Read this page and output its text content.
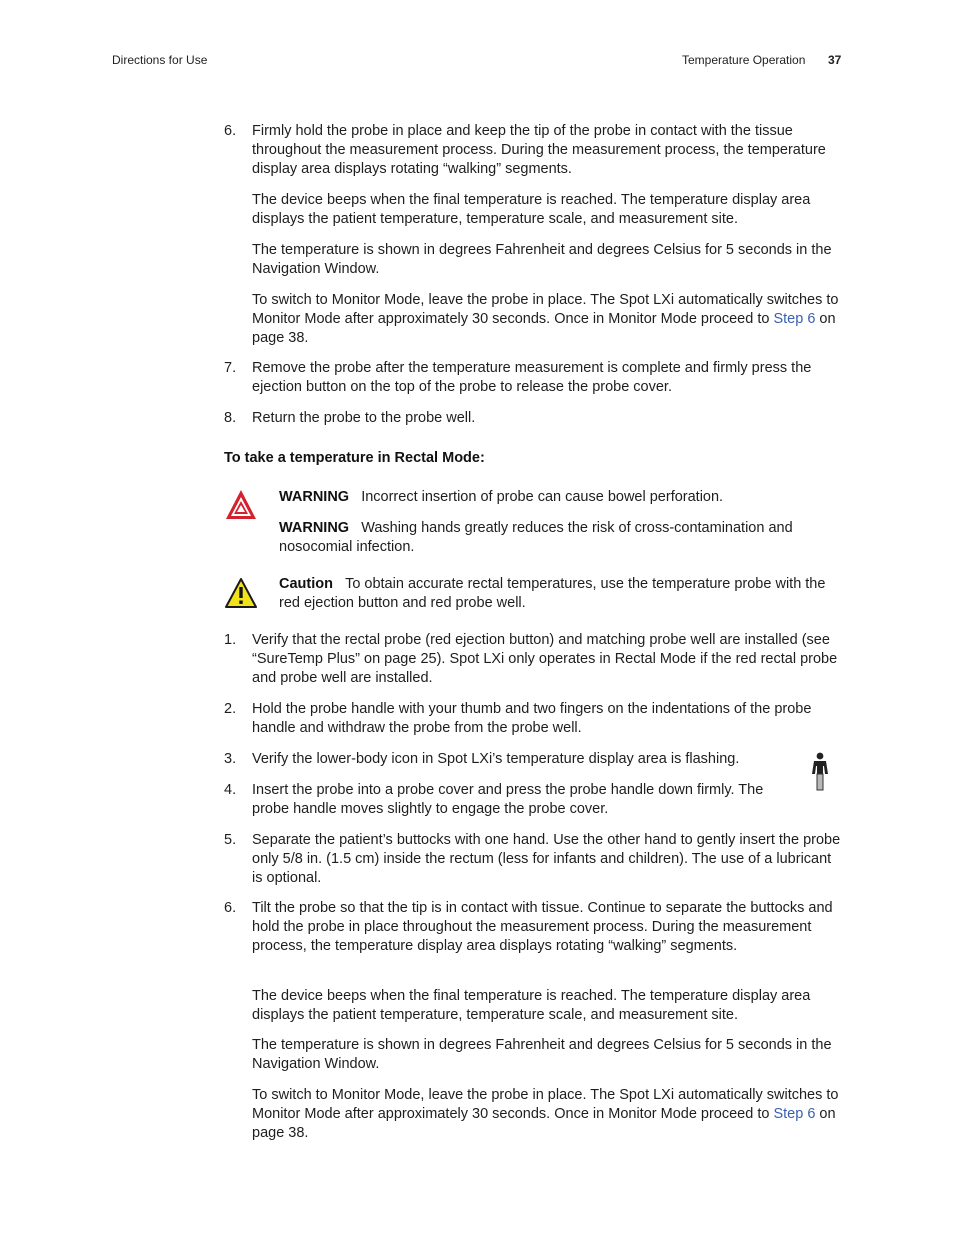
Directions for Use	Temperature Operation 37
6. Firmly hold the probe in place and keep the tip of the probe in contact with the tissue throughout the measurement process. During the measurement process, the temperature display area displays rotating “walking” segments.
The device beeps when the final temperature is reached. The temperature display area displays the patient temperature, temperature scale, and measurement site.
The temperature is shown in degrees Fahrenheit and degrees Celsius for 5 seconds in the Navigation Window.
To switch to Monitor Mode, leave the probe in place. The Spot LXi automatically switches to Monitor Mode after approximately 30 seconds. Once in Monitor Mode proceed to Step 6 on page 38.
7. Remove the probe after the temperature measurement is complete and firmly press the ejection button on the top of the probe to release the probe cover.
8. Return the probe to the probe well.
To take a temperature in Rectal Mode:
WARNING Incorrect insertion of probe can cause bowel perforation.
WARNING Washing hands greatly reduces the risk of cross-contamination and nosocomial infection.
Caution To obtain accurate rectal temperatures, use the temperature probe with the red ejection button and red probe well.
1. Verify that the rectal probe (red ejection button) and matching probe well are installed (see “SureTemp Plus” on page 25). Spot LXi only operates in Rectal Mode if the red rectal probe and probe well are installed.
2. Hold the probe handle with your thumb and two fingers on the indentations of the probe handle and withdraw the probe from the probe well.
3. Verify the lower-body icon in Spot LXi’s temperature display area is flashing.
4. Insert the probe into a probe cover and press the probe handle down firmly. The probe handle moves slightly to engage the probe cover.
5. Separate the patient’s buttocks with one hand. Use the other hand to gently insert the probe only 5/8 in. (1.5 cm) inside the rectum (less for infants and children). The use of a lubricant is optional.
6. Tilt the probe so that the tip is in contact with tissue. Continue to separate the buttocks and hold the probe in place throughout the measurement process. During the measurement process, the temperature display area displays rotating “walking” segments.
The device beeps when the final temperature is reached. The temperature display area displays the patient temperature, temperature scale, and measurement site.
The temperature is shown in degrees Fahrenheit and degrees Celsius for 5 seconds in the Navigation Window.
To switch to Monitor Mode, leave the probe in place. The Spot LXi automatically switches to Monitor Mode after approximately 30 seconds. Once in Monitor Mode proceed to Step 6 on page 38.
